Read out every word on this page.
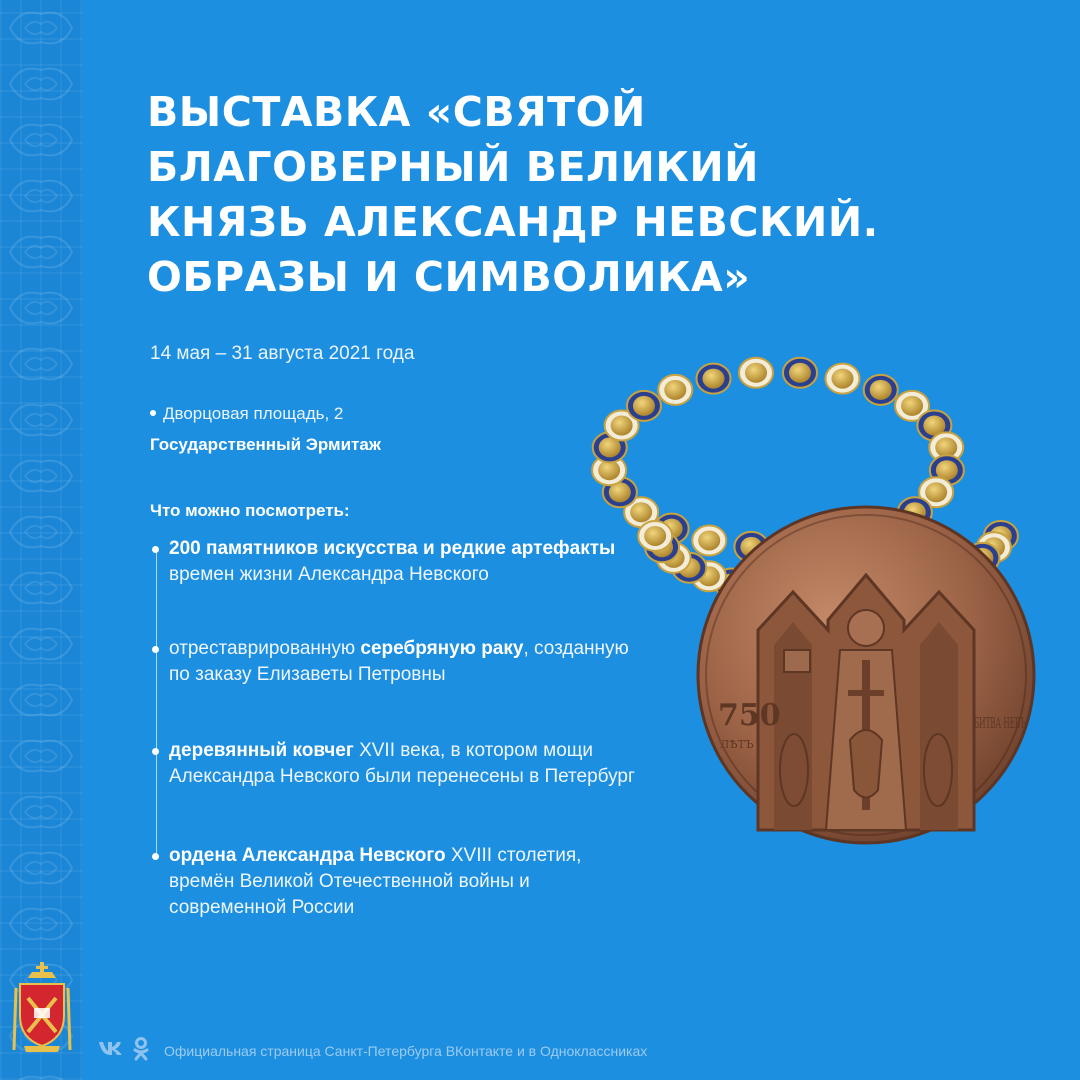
ВЫСТАВКА «СВЯТОЙ
БЛАГОВЕРНЫЙ ВЕЛИКИЙ
КНЯЗЬ АЛЕКСАНДР НЕВСКИЙ.
ОБРАЗЫ И СИМВОЛИКА»
14 мая – 31 августа 2021 года
Дворцовая площадь, 2
Государственный Эрмитаж
Что можно посмотреть:
200 памятников искусства и редкие артефакты времен жизни Александра Невского
отреставрированную серебряную раку, созданную по заказу Елизаветы Петровны
деревянный ковчег XVII века, в котором мощи Александра Невского были перенесены в Петербург
ордена Александра Невского XVIII столетия, времён Великой Отечественной войны и современной России
750
ЛѢТЪ
БИТВА НЕВЪ
Официальная страница Санкт-Петербурга ВКонтакте и в Одноклассниках
